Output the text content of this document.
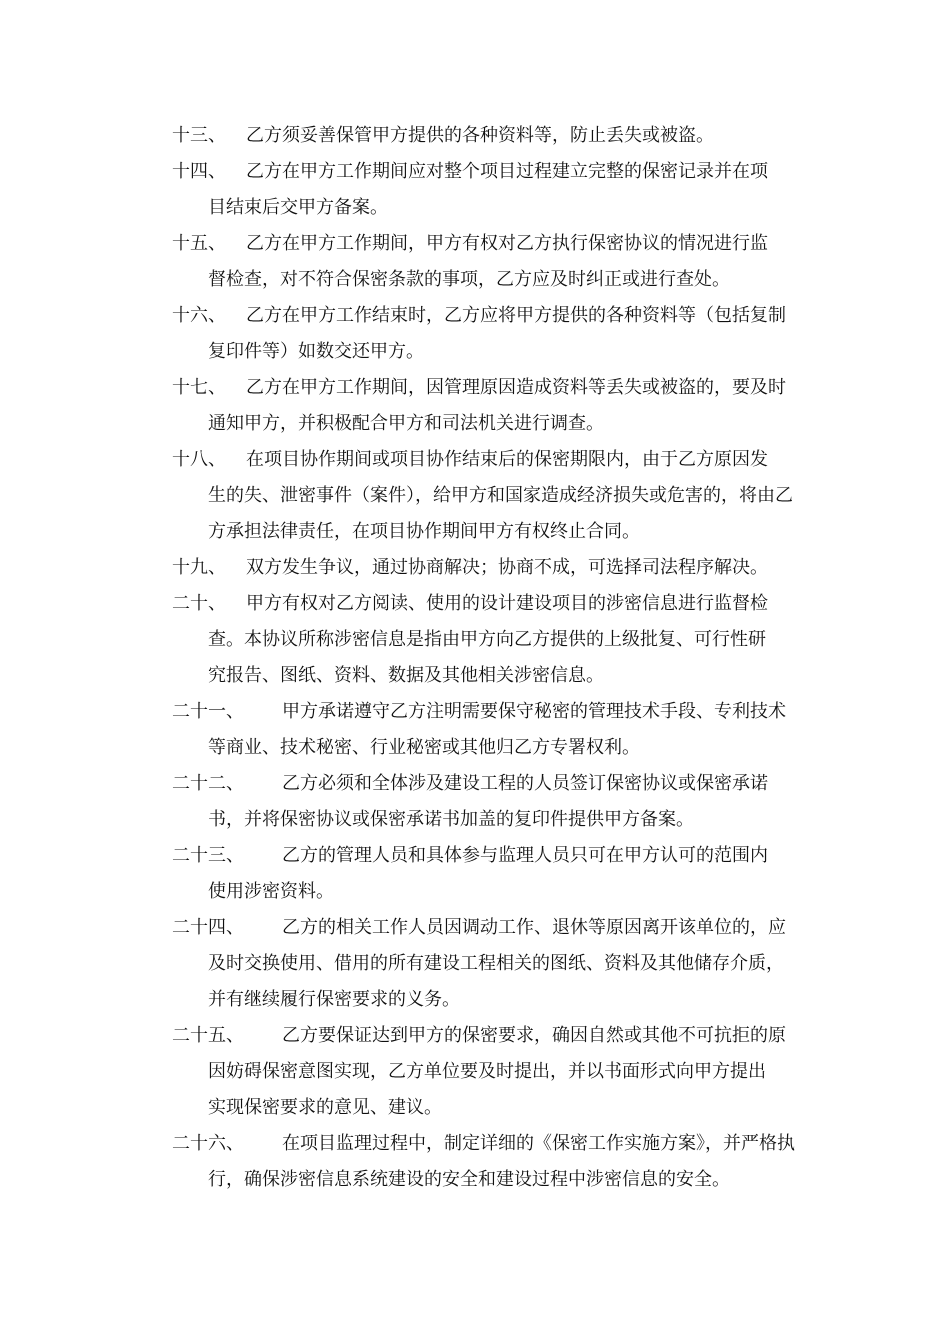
十三、 乙方须妥善保管甲方提供的各种资料等，防止丢失或被盗。
十四、 乙方在甲方工作期间应对整个项目过程建立完整的保密记录并在项
目结束后交甲方备案。
十五、 乙方在甲方工作期间，甲方有权对乙方执行保密协议的情况进行监
督检查，对不符合保密条款的事项，乙方应及时纠正或进行查处。
十六、 乙方在甲方工作结束时，乙方应将甲方提供的各种资料等（包括复制
复印件等）如数交还甲方。
十七、 乙方在甲方工作期间，因管理原因造成资料等丢失或被盗的，要及时
通知甲方，并积极配合甲方和司法机关进行调查。
十八、 在项目协作期间或项目协作结束后的保密期限内，由于乙方原因发
生的失、泄密事件（案件），给甲方和国家造成经济损失或危害的，将由乙
方承担法律责任，在项目协作期间甲方有权终止合同。
十九、 双方发生争议，通过协商解决；协商不成，可选择司法程序解决。
二十、 甲方有权对乙方阅读、使用的设计建设项目的涉密信息进行监督检
查。本协议所称涉密信息是指由甲方向乙方提供的上级批复、可行性研
究报告、图纸、资料、数据及其他相关涉密信息。
二十一、 甲方承诺遵守乙方注明需要保守秘密的管理技术手段、专利技术
等商业、技术秘密、行业秘密或其他归乙方专署权利。
二十二、 乙方必须和全体涉及建设工程的人员签订保密协议或保密承诺
书，并将保密协议或保密承诺书加盖的复印件提供甲方备案。
二十三、 乙方的管理人员和具体参与监理人员只可在甲方认可的范围内
使用涉密资料。
二十四、 乙方的相关工作人员因调动工作、退休等原因离开该单位的，应
及时交换使用、借用的所有建设工程相关的图纸、资料及其他储存介质，
并有继续履行保密要求的义务。
二十五、 乙方要保证达到甲方的保密要求，确因自然或其他不可抗拒的原
因妨碍保密意图实现，乙方单位要及时提出，并以书面形式向甲方提出
实现保密要求的意见、建议。
二十六、 在项目监理过程中，制定详细的《保密工作实施方案》，并严格执
行，确保涉密信息系统建设的安全和建设过程中涉密信息的安全。
